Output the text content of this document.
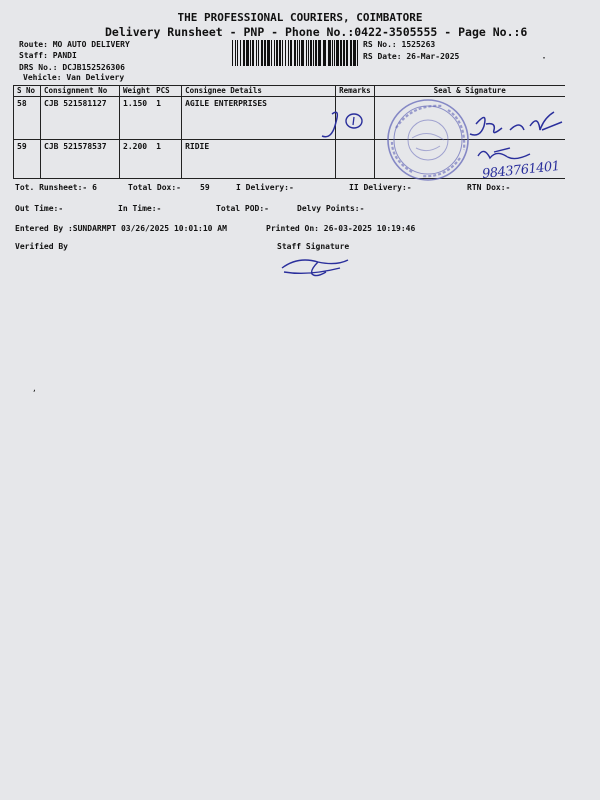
THE PROFESSIONAL COURIERS, COIMBATORE
Delivery Runsheet - PNP - Phone No.:0422-3505555 - Page No.:6
Route: MO AUTO DELIVERY
Staff: PANDI
DRS No.: DCJB152526306
Vehicle: Van Delivery
RS No.: 1525263
RS Date: 26-Mar-2025	·
S No	Consignment No	Weight	PCS	Consignee Details	Remarks	Seal & Signature
58	CJB 521581127	1.150	1	AGILE ENTERPRISES		
59	CJB 521578537	2.200	1	RIDIE		
9843761401
Tot. Runsheet:- 6	Total Dox:- 59	I Delivery:-	II Delivery:-	RTN Dox:-
Out Time:-	In Time:-	Total POD:-	Delvy Points:-
Entered By :SUNDARMPT 03/26/2025 10:01:10 AM	Printed On: 26-03-2025 10:19:46
Verified By	Staff Signature
,
